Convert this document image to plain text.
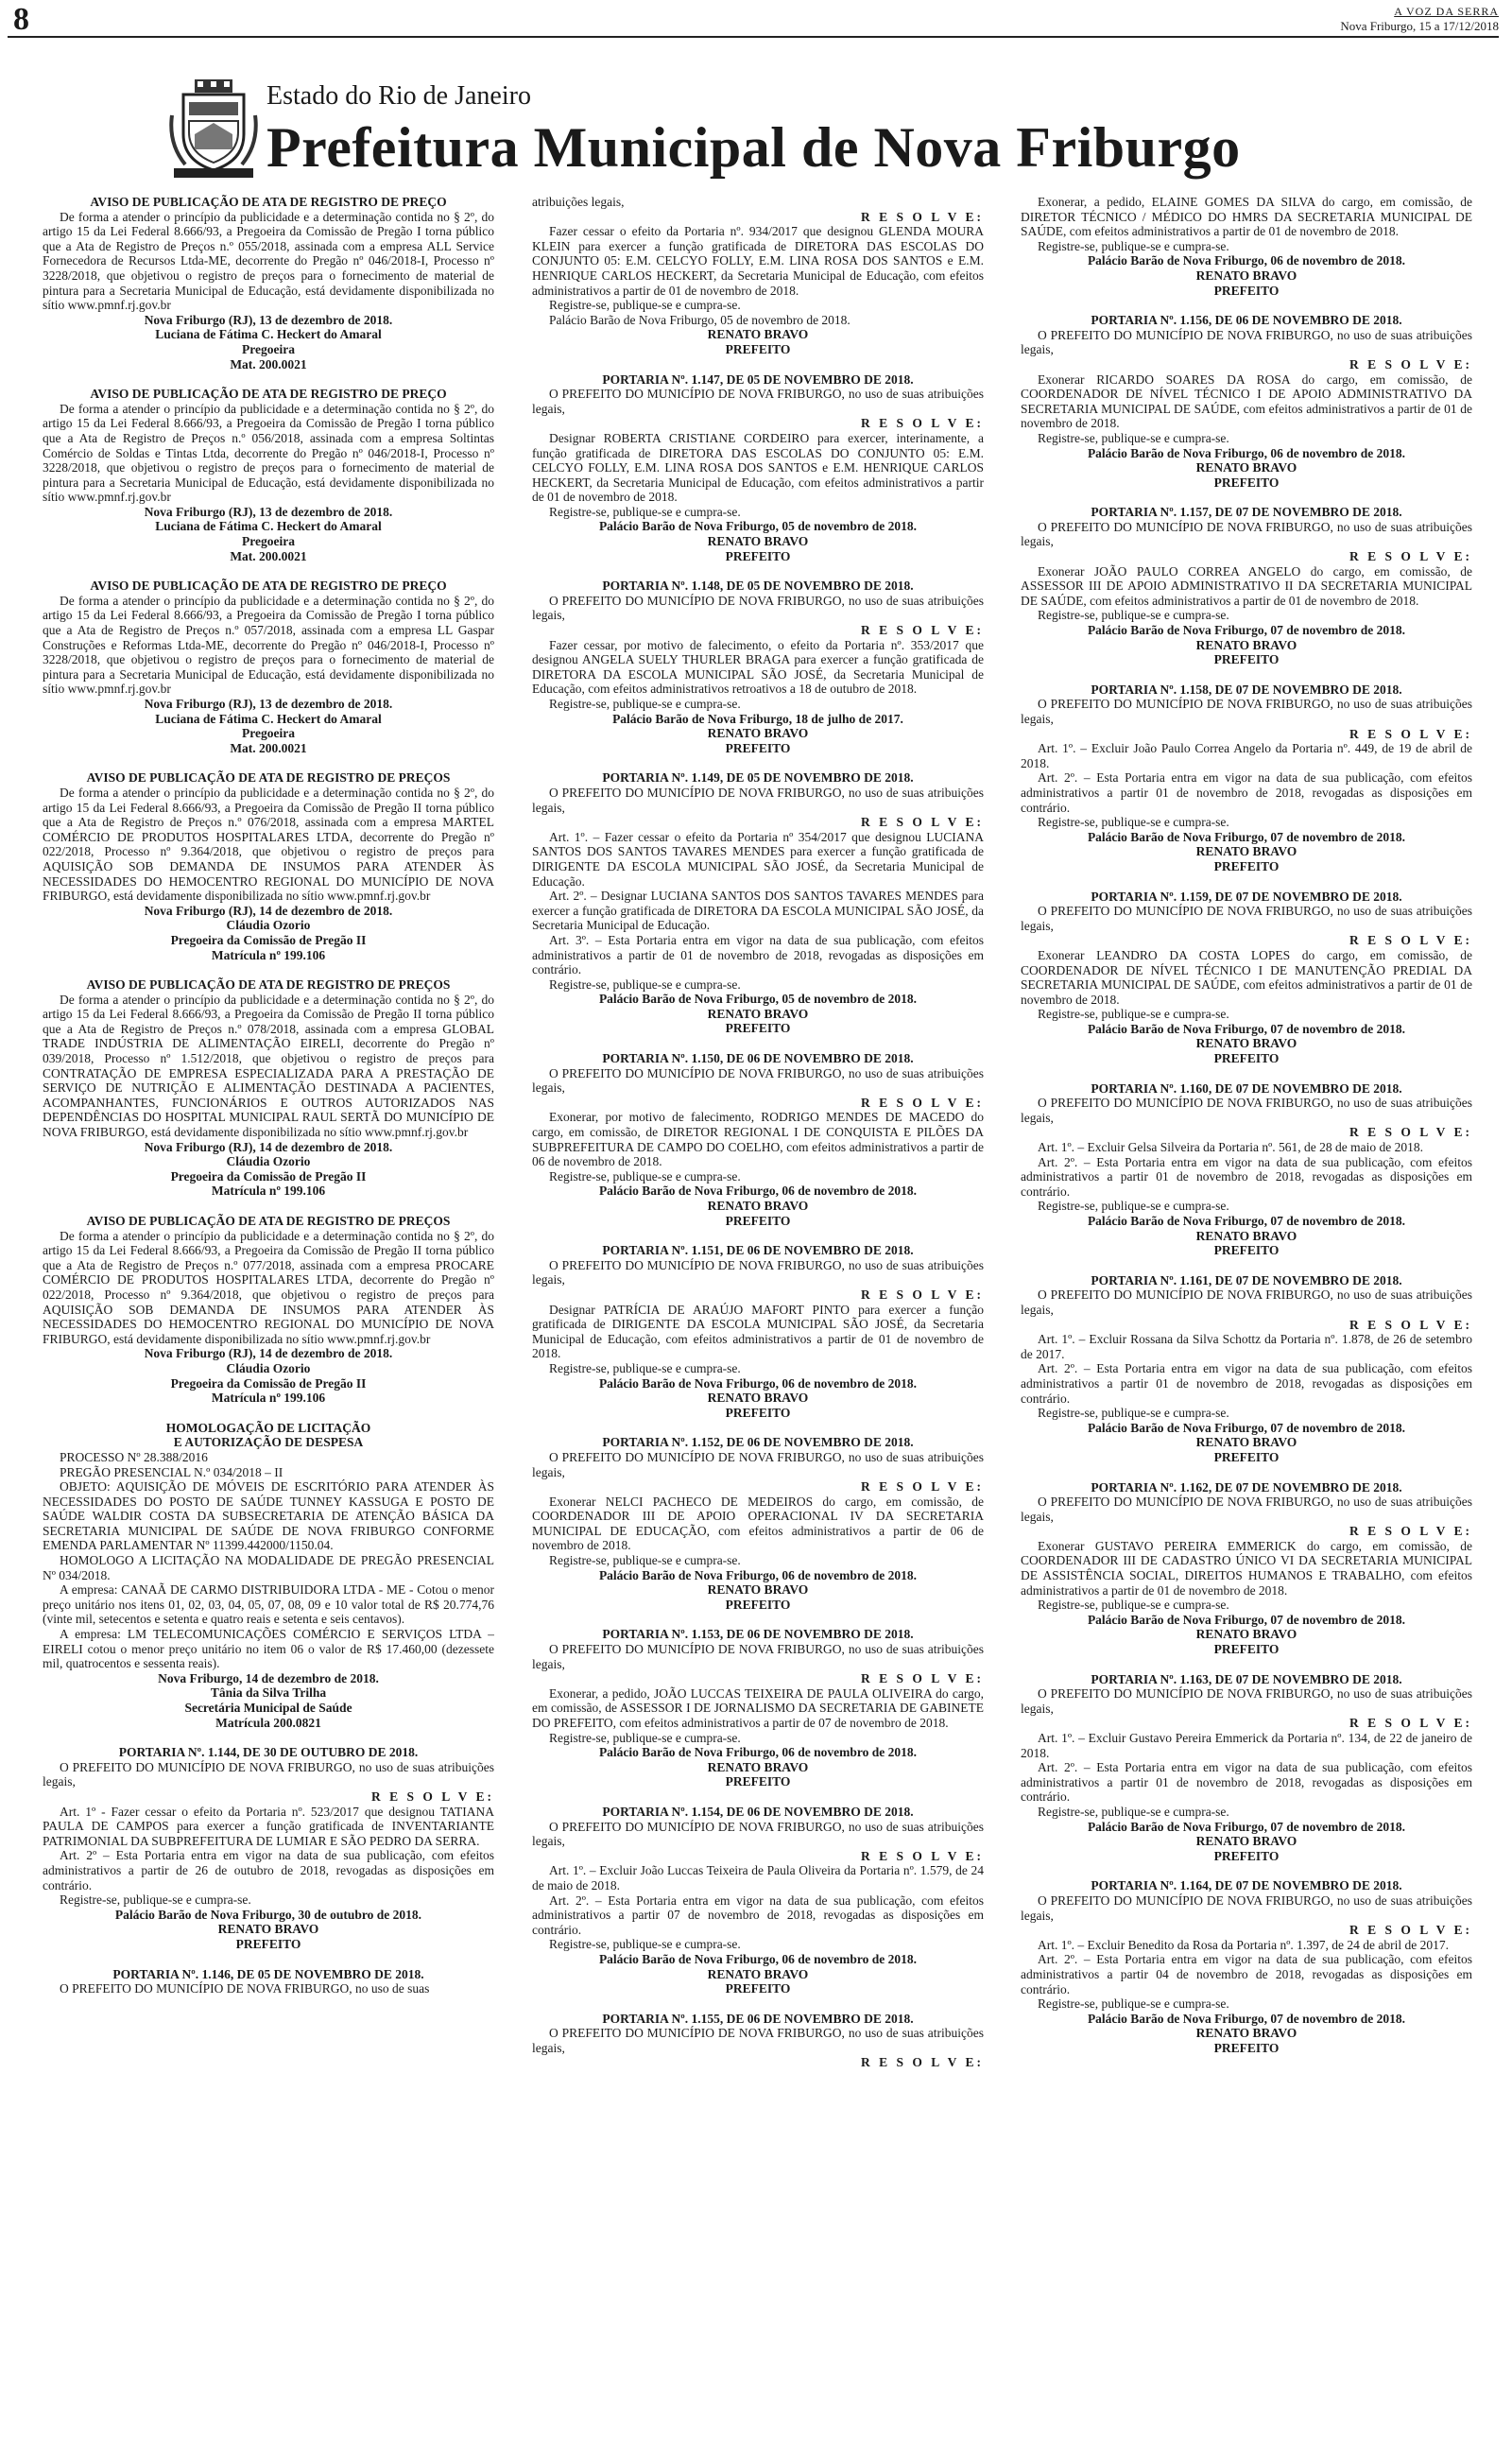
8	A VOZ DA SERRA
Nova Friburgo, 15 a 17/12/2018
Estado do Rio de Janeiro
Prefeitura Municipal de Nova Friburgo

AVISO DE PUBLICAÇÃO DE ATA DE REGISTRO DE PREÇO

De forma a atender o princípio da publicidade e a determinação contida no § 2º, do artigo 15 da Lei Federal 8.666/93, a Pregoeira da Comissão de Pregão I torna público que a Ata de Registro de Preços n.º 055/2018, assinada com a empresa ALL Service Fornecedora de Recursos Ltda-ME, decorrente do Pregão nº 046/2018-I, Processo nº 3228/2018, que objetivou o registro de preços para o fornecimento de material de pintura para a Secretaria Municipal de Educação, está devidamente disponibilizada no sítio www.pmnf.rj.gov.br

Nova Friburgo (RJ), 13 de dezembro de 2018.

Luciana de Fátima C. Heckert do Amaral

Pregoeira

Mat. 200.0021

AVISO DE PUBLICAÇÃO DE ATA DE REGISTRO DE PREÇO

De forma a atender o princípio da publicidade e a determinação contida no § 2º, do artigo 15 da Lei Federal 8.666/93, a Pregoeira da Comissão de Pregão I torna público que a Ata de Registro de Preços n.º 056/2018, assinada com a empresa Soltintas Comércio de Soldas e Tintas Ltda, decorrente do Pregão nº 046/2018-I, Processo nº 3228/2018, que objetivou o registro de preços para o fornecimento de material de pintura para a Secretaria Municipal de Educação, está devidamente disponibilizada no sítio www.pmnf.rj.gov.br

Nova Friburgo (RJ), 13 de dezembro de 2018.

Luciana de Fátima C. Heckert do Amaral

Pregoeira

Mat. 200.0021

AVISO DE PUBLICAÇÃO DE ATA DE REGISTRO DE PREÇO

De forma a atender o princípio da publicidade e a determinação contida no § 2º, do artigo 15 da Lei Federal 8.666/93, a Pregoeira da Comissão de Pregão I torna público que a Ata de Registro de Preços n.º 057/2018, assinada com a empresa LL Gaspar Construções e Reformas Ltda-ME, decorrente do Pregão nº 046/2018-I, Processo nº 3228/2018, que objetivou o registro de preços para o fornecimento de material de pintura para a Secretaria Municipal de Educação, está devidamente disponibilizada no sítio www.pmnf.rj.gov.br

Nova Friburgo (RJ), 13 de dezembro de 2018.

Luciana de Fátima C. Heckert do Amaral

Pregoeira

Mat. 200.0021

AVISO DE PUBLICAÇÃO DE ATA DE REGISTRO DE PREÇOS

De forma a atender o princípio da publicidade e a determinação contida no § 2º, do artigo 15 da Lei Federal 8.666/93, a Pregoeira da Comissão de Pregão II torna público que a Ata de Registro de Preços n.º 076/2018, assinada com a empresa MARTEL COMÉRCIO DE PRODUTOS HOSPITALARES LTDA, decorrente do Pregão nº 022/2018, Processo nº 9.364/2018, que objetivou o registro de preços para AQUISIÇÃO SOB DEMANDA DE INSUMOS PARA ATENDER ÀS NECESSIDADES DO HEMOCENTRO REGIONAL DO MUNICÍPIO DE NOVA FRIBURGO, está devidamente disponibilizada no sítio www.pmnf.rj.gov.br

Nova Friburgo (RJ), 14 de dezembro de 2018.

Cláudia Ozorio

Pregoeira da Comissão de Pregão II

Matrícula nº 199.106

AVISO DE PUBLICAÇÃO DE ATA DE REGISTRO DE PREÇOS

De forma a atender o princípio da publicidade e a determinação contida no § 2º, do artigo 15 da Lei Federal 8.666/93, a Pregoeira da Comissão de Pregão II torna público que a Ata de Registro de Preços n.º 078/2018, assinada com a empresa GLOBAL TRADE INDÚSTRIA DE ALIMENTAÇÃO EIRELI, decorrente do Pregão nº 039/2018, Processo nº 1.512/2018, que objetivou o registro de preços para CONTRATAÇÃO DE EMPRESA ESPECIALIZADA PARA A PRESTAÇÃO DE SERVIÇO DE NUTRIÇÃO E ALIMENTAÇÃO DESTINADA A PACIENTES, ACOMPANHANTES, FUNCIONÁRIOS E OUTROS AUTORIZADOS NAS DEPENDÊNCIAS DO HOSPITAL MUNICIPAL RAUL SERTÃ DO MUNICÍPIO DE NOVA FRIBURGO, está devidamente disponibilizada no sítio www.pmnf.rj.gov.br

Nova Friburgo (RJ), 14 de dezembro de 2018.

Cláudia Ozorio

Pregoeira da Comissão de Pregão II

Matrícula nº 199.106

AVISO DE PUBLICAÇÃO DE ATA DE REGISTRO DE PREÇOS

De forma a atender o princípio da publicidade e a determinação contida no § 2º, do artigo 15 da Lei Federal 8.666/93, a Pregoeira da Comissão de Pregão II torna público que a Ata de Registro de Preços n.º 077/2018, assinada com a empresa PROCARE COMÉRCIO DE PRODUTOS HOSPITALARES LTDA, decorrente do Pregão nº 022/2018, Processo nº 9.364/2018, que objetivou o registro de preços para AQUISIÇÃO SOB DEMANDA DE INSUMOS PARA ATENDER ÀS NECESSIDADES DO HEMOCENTRO REGIONAL DO MUNICÍPIO DE NOVA FRIBURGO, está devidamente disponibilizada no sítio www.pmnf.rj.gov.br

Nova Friburgo (RJ), 14 de dezembro de 2018.

Cláudia Ozorio

Pregoeira da Comissão de Pregão II

Matrícula nº 199.106

HOMOLOGAÇÃO DE LICITAÇÃO

E AUTORIZAÇÃO DE DESPESA

PROCESSO Nº 28.388/2016

PREGÃO PRESENCIAL N.º 034/2018 – II

OBJETO: AQUISIÇÃO DE MÓVEIS DE ESCRITÓRIO PARA ATENDER ÀS NECESSIDADES DO POSTO DE SAÚDE TUNNEY KASSUGA E POSTO DE SAÚDE WALDIR COSTA DA SUBSECRETARIA DE ATENÇÃO BÁSICA DA SECRETARIA MUNICIPAL DE SAÚDE DE NOVA FRIBURGO CONFORME EMENDA PARLAMENTAR Nº 11399.442000/1150.04.

HOMOLOGO A LICITAÇÃO NA MODALIDADE DE PREGÃO PRESENCIAL Nº 034/2018.

A empresa: CANAÃ DE CARMO DISTRIBUIDORA LTDA - ME - Cotou o menor preço unitário nos itens 01, 02, 03, 04, 05, 07, 08, 09 e 10 valor total de R$ 20.774,76 (vinte mil, setecentos e setenta e quatro reais e setenta e seis centavos).

A empresa: LM TELECOMUNICAÇÕES COMÉRCIO E SERVIÇOS LTDA – EIRELI cotou o menor preço unitário no item 06 o valor de R$ 17.460,00 (dezessete mil, quatrocentos e sessenta reais).

Nova Friburgo, 14 de dezembro de 2018.

Tânia da Silva Trilha

Secretária Municipal de Saúde

Matrícula 200.0821

PORTARIA Nº. 1.144, DE 30 DE OUTUBRO DE 2018.

O PREFEITO DO MUNICÍPIO DE NOVA FRIBURGO, no uso de suas atribuições legais,

R E S O L V E:

Art. 1º - Fazer cessar o efeito da Portaria nº. 523/2017 que designou TATIANA PAULA DE CAMPOS para exercer a função gratificada de INVENTARIANTE PATRIMONIAL DA SUBPREFEITURA DE LUMIAR E SÃO PEDRO DA SERRA.

Art. 2º – Esta Portaria entra em vigor na data de sua publicação, com efeitos administrativos a partir de 26 de outubro de 2018, revogadas as disposições em contrário.

Registre-se, publique-se e cumpra-se.

Palácio Barão de Nova Friburgo, 30 de outubro de 2018.

RENATO BRAVO

PREFEITO

PORTARIA Nº. 1.146, DE 05 DE NOVEMBRO DE 2018.

O PREFEITO DO MUNICÍPIO DE NOVA FRIBURGO, no uso de suas

atribuições legais,

R E S O L V E:

Fazer cessar o efeito da Portaria nº. 934/2017 que designou GLENDA MOURA KLEIN para exercer a função gratificada de DIRETORA DAS ESCOLAS DO CONJUNTO 05: E.M. CELCYO FOLLY, E.M. LINA ROSA DOS SANTOS e E.M. HENRIQUE CARLOS HECKERT, da Secretaria Municipal de Educação, com efeitos administrativos a partir de 01 de novembro de 2018.

Registre-se, publique-se e cumpra-se.

Palácio Barão de Nova Friburgo, 05 de novembro de 2018.

RENATO BRAVO

PREFEITO

PORTARIA Nº. 1.147, DE 05 DE NOVEMBRO DE 2018.

O PREFEITO DO MUNICÍPIO DE NOVA FRIBURGO, no uso de suas atribuições legais,

R E S O L V E:

Designar ROBERTA CRISTIANE CORDEIRO para exercer, interinamente, a função gratificada de DIRETORA DAS ESCOLAS DO CONJUNTO 05: E.M. CELCYO FOLLY, E.M. LINA ROSA DOS SANTOS e E.M. HENRIQUE CARLOS HECKERT, da Secretaria Municipal de Educação, com efeitos administrativos a partir de 01 de novembro de 2018.

Registre-se, publique-se e cumpra-se.

Palácio Barão de Nova Friburgo, 05 de novembro de 2018.

RENATO BRAVO

PREFEITO

PORTARIA Nº. 1.148, DE 05 DE NOVEMBRO DE 2018.

O PREFEITO DO MUNICÍPIO DE NOVA FRIBURGO, no uso de suas atribuições legais,

R E S O L V E:

Fazer cessar, por motivo de falecimento, o efeito da Portaria nº. 353/2017 que designou ANGELA SUELY THURLER BRAGA para exercer a função gratificada de DIRETORA DA ESCOLA MUNICIPAL SÃO JOSÉ, da Secretaria Municipal de Educação, com efeitos administrativos retroativos a 18 de outubro de 2018.

Registre-se, publique-se e cumpra-se.

Palácio Barão de Nova Friburgo, 18 de julho de 2017.

RENATO BRAVO

PREFEITO

PORTARIA Nº. 1.149, DE 05 DE NOVEMBRO DE 2018.

O PREFEITO DO MUNICÍPIO DE NOVA FRIBURGO, no uso de suas atribuições legais,

R E S O L V E:

Art. 1º. – Fazer cessar o efeito da Portaria nº 354/2017 que designou LUCIANA SANTOS DOS SANTOS TAVARES MENDES para exercer a função gratificada de DIRIGENTE DA ESCOLA MUNICIPAL SÃO JOSÉ, da Secretaria Municipal de Educação.

Art. 2º. – Designar LUCIANA SANTOS DOS SANTOS TAVARES MENDES para exercer a função gratificada de DIRETORA DA ESCOLA MUNICIPAL SÃO JOSÉ, da Secretaria Municipal de Educação.

Art. 3º. – Esta Portaria entra em vigor na data de sua publicação, com efeitos administrativos a partir de 01 de novembro de 2018, revogadas as disposições em contrário.

Registre-se, publique-se e cumpra-se.

Palácio Barão de Nova Friburgo, 05 de novembro de 2018.

RENATO BRAVO

PREFEITO

PORTARIA Nº. 1.150, DE 06 DE NOVEMBRO DE 2018.

O PREFEITO DO MUNICÍPIO DE NOVA FRIBURGO, no uso de suas atribuições legais,

R E S O L V E:

Exonerar, por motivo de falecimento, RODRIGO MENDES DE MACEDO do cargo, em comissão, de DIRETOR REGIONAL I DE CONQUISTA E PILÕES DA SUBPREFEITURA DE CAMPO DO COELHO, com efeitos administrativos a partir de 06 de novembro de 2018.

Registre-se, publique-se e cumpra-se.

Palácio Barão de Nova Friburgo, 06 de novembro de 2018.

RENATO BRAVO

PREFEITO

PORTARIA Nº. 1.151, DE 06 DE NOVEMBRO DE 2018.

O PREFEITO DO MUNICÍPIO DE NOVA FRIBURGO, no uso de suas atribuições legais,

R E S O L V E:

Designar PATRÍCIA DE ARAÚJO MAFORT PINTO para exercer a função gratificada de DIRIGENTE DA ESCOLA MUNICIPAL SÃO JOSÉ, da Secretaria Municipal de Educação, com efeitos administrativos a partir de 01 de novembro de 2018.

Registre-se, publique-se e cumpra-se.

Palácio Barão de Nova Friburgo, 06 de novembro de 2018.

RENATO BRAVO

PREFEITO

PORTARIA Nº. 1.152, DE 06 DE NOVEMBRO DE 2018.

O PREFEITO DO MUNICÍPIO DE NOVA FRIBURGO, no uso de suas atribuições legais,

R E S O L V E:

Exonerar NELCI PACHECO DE MEDEIROS do cargo, em comissão, de COORDENADOR III DE APOIO OPERACIONAL IV DA SECRETARIA MUNICIPAL DE EDUCAÇÃO, com efeitos administrativos a partir de 06 de novembro de 2018.

Registre-se, publique-se e cumpra-se.

Palácio Barão de Nova Friburgo, 06 de novembro de 2018.

RENATO BRAVO

PREFEITO

PORTARIA Nº. 1.153, DE 06 DE NOVEMBRO DE 2018.

O PREFEITO DO MUNICÍPIO DE NOVA FRIBURGO, no uso de suas atribuições legais,

R E S O L V E:

Exonerar, a pedido, JOÃO LUCCAS TEIXEIRA DE PAULA OLIVEIRA do cargo, em comissão, de ASSESSOR I DE JORNALISMO DA SECRETARIA DE GABINETE DO PREFEITO, com efeitos administrativos a partir de 07 de novembro de 2018.

Registre-se, publique-se e cumpra-se.

Palácio Barão de Nova Friburgo, 06 de novembro de 2018.

RENATO BRAVO

PREFEITO

PORTARIA Nº. 1.154, DE 06 DE NOVEMBRO DE 2018.

O PREFEITO DO MUNICÍPIO DE NOVA FRIBURGO, no uso de suas atribuições legais,

R E S O L V E:

Art. 1º. – Excluir João Luccas Teixeira de Paula Oliveira da Portaria nº. 1.579, de 24 de maio de 2018.

Art. 2º. – Esta Portaria entra em vigor na data de sua publicação, com efeitos administrativos a partir 07 de novembro de 2018, revogadas as disposições em contrário.

Registre-se, publique-se e cumpra-se.

Palácio Barão de Nova Friburgo, 06 de novembro de 2018.

RENATO BRAVO

PREFEITO

PORTARIA Nº. 1.155, DE 06 DE NOVEMBRO DE 2018.

O PREFEITO DO MUNICÍPIO DE NOVA FRIBURGO, no uso de suas atribuições legais,

R E S O L V E:

Exonerar, a pedido, ELAINE GOMES DA SILVA do cargo, em comissão, de DIRETOR TÉCNICO / MÉDICO DO HMRS DA SECRETARIA MUNICIPAL DE SAÚDE, com efeitos administrativos a partir de 01 de novembro de 2018.

Registre-se, publique-se e cumpra-se.

Palácio Barão de Nova Friburgo, 06 de novembro de 2018.

RENATO BRAVO

PREFEITO

PORTARIA Nº. 1.156, DE 06 DE NOVEMBRO DE 2018.

O PREFEITO DO MUNICÍPIO DE NOVA FRIBURGO, no uso de suas atribuições legais,

R E S O L V E:

Exonerar RICARDO SOARES DA ROSA do cargo, em comissão, de COORDENADOR DE NÍVEL TÉCNICO I DE APOIO ADMINISTRATIVO DA SECRETARIA MUNICIPAL DE SAÚDE, com efeitos administrativos a partir de 01 de novembro de 2018.

Registre-se, publique-se e cumpra-se.

Palácio Barão de Nova Friburgo, 06 de novembro de 2018.

RENATO BRAVO

PREFEITO

PORTARIA Nº. 1.157, DE 07 DE NOVEMBRO DE 2018.

O PREFEITO DO MUNICÍPIO DE NOVA FRIBURGO, no uso de suas atribuições legais,

R E S O L V E:

Exonerar JOÃO PAULO CORREA ANGELO do cargo, em comissão, de ASSESSOR III DE APOIO ADMINISTRATIVO II DA SECRETARIA MUNICIPAL DE SAÚDE, com efeitos administrativos a partir de 01 de novembro de 2018.

Registre-se, publique-se e cumpra-se.

Palácio Barão de Nova Friburgo, 07 de novembro de 2018.

RENATO BRAVO

PREFEITO

PORTARIA Nº. 1.158, DE 07 DE NOVEMBRO DE 2018.

O PREFEITO DO MUNICÍPIO DE NOVA FRIBURGO, no uso de suas atribuições legais,

R E S O L V E:

Art. 1º. – Excluir João Paulo Correa Angelo da Portaria nº. 449, de 19 de abril de 2018.

Art. 2º. – Esta Portaria entra em vigor na data de sua publicação, com efeitos administrativos a partir 01 de novembro de 2018, revogadas as disposições em contrário.

Registre-se, publique-se e cumpra-se.

Palácio Barão de Nova Friburgo, 07 de novembro de 2018.

RENATO BRAVO

PREFEITO

PORTARIA Nº. 1.159, DE 07 DE NOVEMBRO DE 2018.

O PREFEITO DO MUNICÍPIO DE NOVA FRIBURGO, no uso de suas atribuições legais,

R E S O L V E:

Exonerar LEANDRO DA COSTA LOPES do cargo, em comissão, de COORDENADOR DE NÍVEL TÉCNICO I DE MANUTENÇÃO PREDIAL DA SECRETARIA MUNICIPAL DE SAÚDE, com efeitos administrativos a partir de 01 de novembro de 2018.

Registre-se, publique-se e cumpra-se.

Palácio Barão de Nova Friburgo, 07 de novembro de 2018.

RENATO BRAVO

PREFEITO

PORTARIA Nº. 1.160, DE 07 DE NOVEMBRO DE 2018.

O PREFEITO DO MUNICÍPIO DE NOVA FRIBURGO, no uso de suas atribuições legais,

R E S O L V E:

Art. 1º. – Excluir Gelsa Silveira da Portaria nº. 561, de 28 de maio de 2018.

Art. 2º. – Esta Portaria entra em vigor na data de sua publicação, com efeitos administrativos a partir 01 de novembro de 2018, revogadas as disposições em contrário.

Registre-se, publique-se e cumpra-se.

Palácio Barão de Nova Friburgo, 07 de novembro de 2018.

RENATO BRAVO

PREFEITO

PORTARIA Nº. 1.161, DE 07 DE NOVEMBRO DE 2018.

O PREFEITO DO MUNICÍPIO DE NOVA FRIBURGO, no uso de suas atribuições legais,

R E S O L V E:

Art. 1º. – Excluir Rossana da Silva Schottz da Portaria nº. 1.878, de 26 de setembro de 2017.

Art. 2º. – Esta Portaria entra em vigor na data de sua publicação, com efeitos administrativos a partir 01 de novembro de 2018, revogadas as disposições em contrário.

Registre-se, publique-se e cumpra-se.

Palácio Barão de Nova Friburgo, 07 de novembro de 2018.

RENATO BRAVO

PREFEITO

PORTARIA Nº. 1.162, DE 07 DE NOVEMBRO DE 2018.

O PREFEITO DO MUNICÍPIO DE NOVA FRIBURGO, no uso de suas atribuições legais,

R E S O L V E:

Exonerar GUSTAVO PEREIRA EMMERICK do cargo, em comissão, de COORDENADOR III DE CADASTRO ÚNICO VI DA SECRETARIA MUNICIPAL DE ASSISTÊNCIA SOCIAL, DIREITOS HUMANOS E TRABALHO, com efeitos administrativos a partir de 01 de novembro de 2018.

Registre-se, publique-se e cumpra-se.

Palácio Barão de Nova Friburgo, 07 de novembro de 2018.

RENATO BRAVO

PREFEITO

PORTARIA Nº. 1.163, DE 07 DE NOVEMBRO DE 2018.

O PREFEITO DO MUNICÍPIO DE NOVA FRIBURGO, no uso de suas atribuições legais,

R E S O L V E:

Art. 1º. – Excluir Gustavo Pereira Emmerick da Portaria nº. 134, de 22 de janeiro de 2018.

Art. 2º. – Esta Portaria entra em vigor na data de sua publicação, com efeitos administrativos a partir 01 de novembro de 2018, revogadas as disposições em contrário.

Registre-se, publique-se e cumpra-se.

Palácio Barão de Nova Friburgo, 07 de novembro de 2018.

RENATO BRAVO

PREFEITO

PORTARIA Nº. 1.164, DE 07 DE NOVEMBRO DE 2018.

O PREFEITO DO MUNICÍPIO DE NOVA FRIBURGO, no uso de suas atribuições legais,

R E S O L V E:

Art. 1º. – Excluir Benedito da Rosa da Portaria nº. 1.397, de 24 de abril de 2017.

Art. 2º. – Esta Portaria entra em vigor na data de sua publicação, com efeitos administrativos a partir 04 de novembro de 2018, revogadas as disposições em contrário.

Registre-se, publique-se e cumpra-se.

Palácio Barão de Nova Friburgo, 07 de novembro de 2018.

RENATO BRAVO

PREFEITO
